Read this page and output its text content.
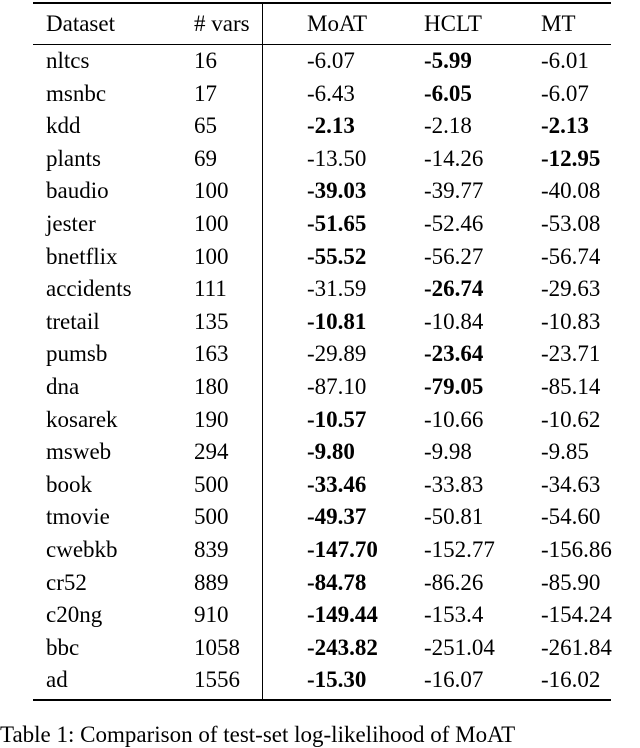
Dataset	# vars	MoAT	HCLT	MT
nltcs	16	-6.07	-5.99	-6.01
msnbc	17	-6.43	-6.05	-6.07
kdd	65	-2.13	-2.18	-2.13
plants	69	-13.50	-14.26	-12.95
baudio	100	-39.03	-39.77	-40.08
jester	100	-51.65	-52.46	-53.08
bnetflix	100	-55.52	-56.27	-56.74
accidents	111	-31.59	-26.74	-29.63
tretail	135	-10.81	-10.84	-10.83
pumsb	163	-29.89	-23.64	-23.71
dna	180	-87.10	-79.05	-85.14
kosarek	190	-10.57	-10.66	-10.62
msweb	294	-9.80	-9.98	-9.85
book	500	-33.46	-33.83	-34.63
tmovie	500	-49.37	-50.81	-54.60
cwebkb	839	-147.70	-152.77	-156.86
cr52	889	-84.78	-86.26	-85.90
c20ng	910	-149.44	-153.4	-154.24
bbc	1058	-243.82	-251.04	-261.84
ad	1556	-15.30	-16.07	-16.02
Table 1: Comparison of test-set log-likelihood of MoAT
